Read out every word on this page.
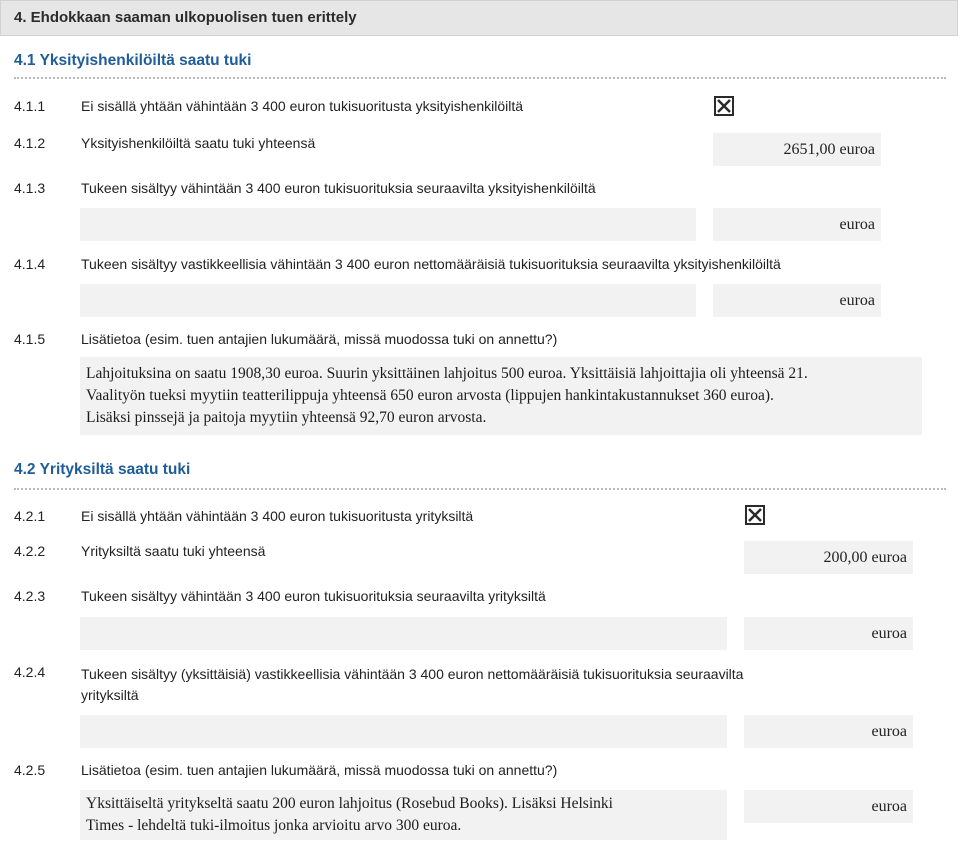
4. Ehdokkaan saaman ulkopuolisen tuen erittely
4.1 Yksityishenkilöiltä saatu tuki
4.1.1	Ei sisällä yhtään vähintään 3 400 euron tukisuoritusta yksityishenkilöiltä
4.1.2	Yksityishenkilöiltä saatu tuki yhteensä	2651,00 euroa
4.1.3	Tukeen sisältyy vähintään 3 400 euron tukisuorituksia seuraavilta yksityishenkilöiltä
euroa
4.1.4	Tukeen sisältyy vastikkeellisia vähintään 3 400 euron nettomääräisiä tukisuorituksia seuraavilta yksityishenkilöiltä
euroa
4.1.5	Lisätietoa (esim. tuen antajien lukumäärä, missä muodossa tuki on annettu?)
Lahjoituksina on saatu 1908,30 euroa. Suurin yksittäinen lahjoitus 500 euroa. Yksittäisiä lahjoittajia oli yhteensä 21.
Vaalityön tueksi myytiin teatterilippuja yhteensä 650 euron arvosta (lippujen hankintakustannukset 360 euroa).
Lisäksi pinssejä ja paitoja myytiin yhteensä 92,70 euron arvosta.
4.2 Yrityksiltä saatu tuki
4.2.1	Ei sisällä yhtään vähintään 3 400 euron tukisuoritusta yrityksiltä
4.2.2	Yrityksiltä saatu tuki yhteensä	200,00 euroa
4.2.3	Tukeen sisältyy vähintään 3 400 euron tukisuorituksia seuraavilta yrityksiltä
euroa
4.2.4	Tukeen sisältyy (yksittäisiä) vastikkeellisia vähintään 3 400 euron nettomääräisiä tukisuorituksia seuraavilta
yrityksiltä
euroa
4.2.5	Lisätietoa (esim. tuen antajien lukumäärä, missä muodossa tuki on annettu?)
Yksittäiseltä yritykseltä saatu 200 euron lahjoitus (Rosebud Books). Lisäksi Helsinki
Times - lehdeltä tuki-ilmoitus jonka arvioitu arvo 300 euroa.
euroa
